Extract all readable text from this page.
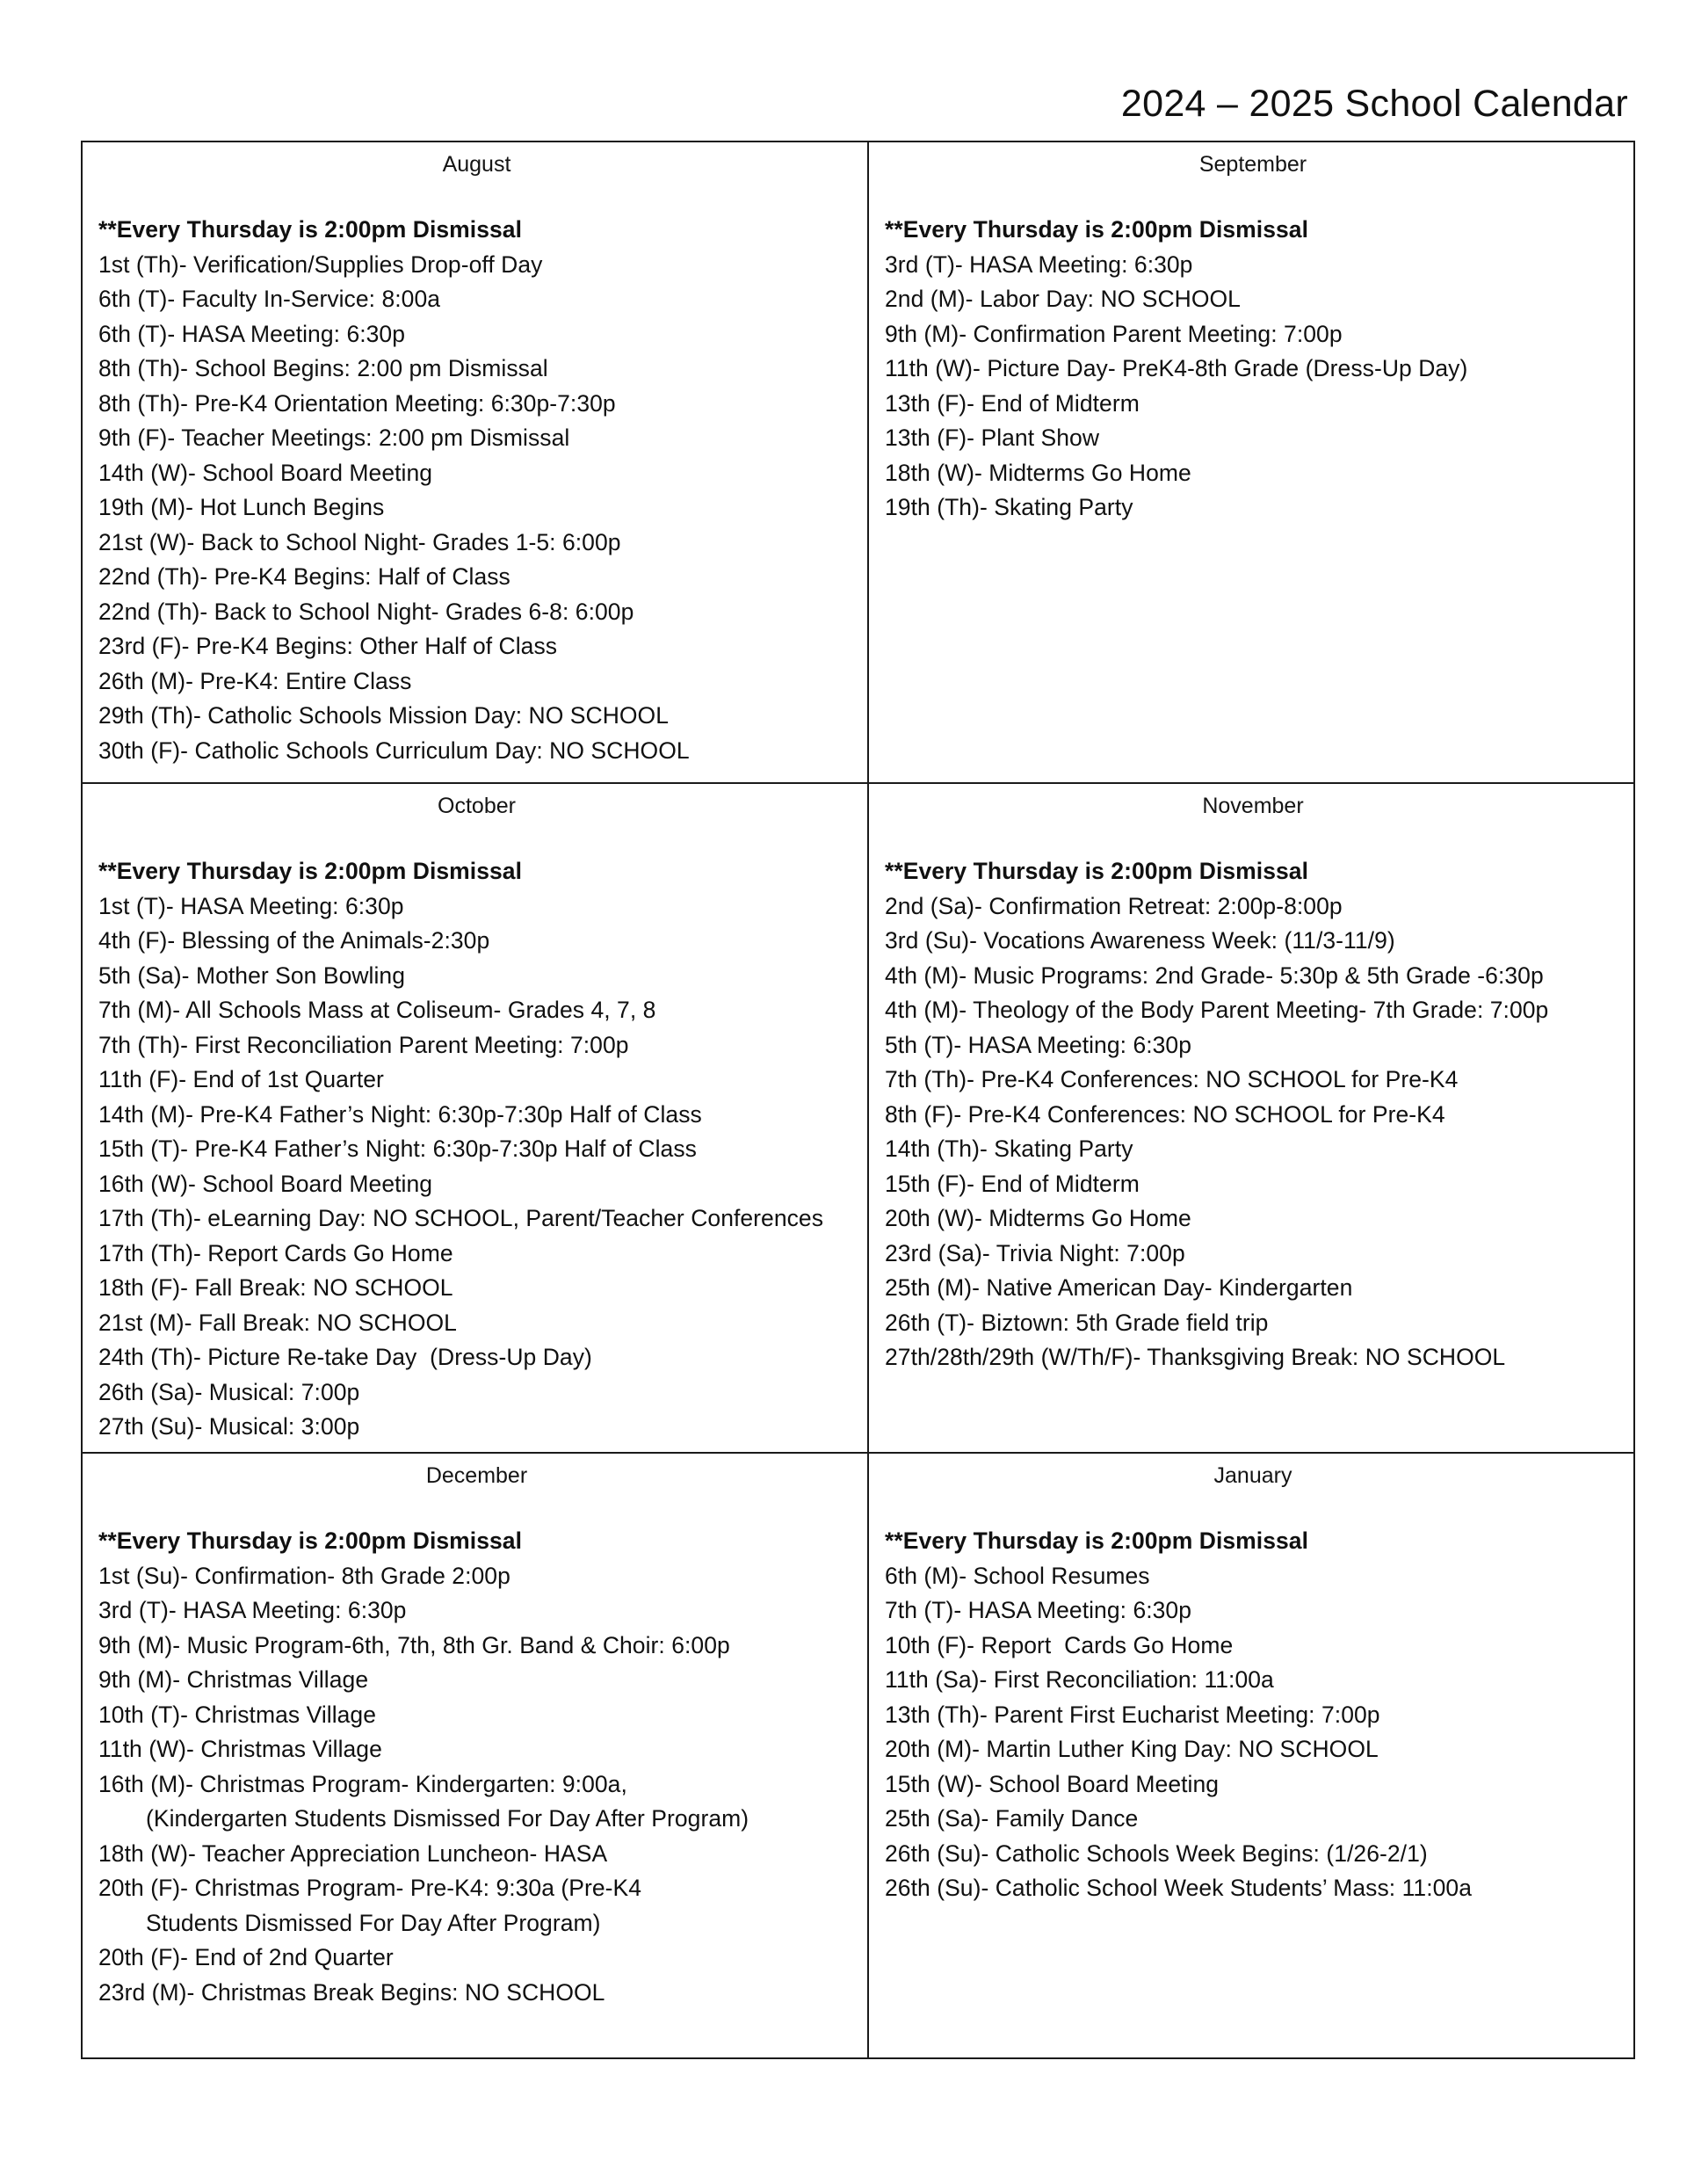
2024 – 2025 School Calendar
August
**Every Thursday is 2:00pm Dismissal
1st (Th)- Verification/Supplies Drop-off Day
6th (T)- Faculty In-Service: 8:00a
6th (T)- HASA Meeting: 6:30p
8th (Th)- School Begins: 2:00 pm Dismissal
8th (Th)- Pre-K4 Orientation Meeting: 6:30p-7:30p
9th (F)- Teacher Meetings: 2:00 pm Dismissal
14th (W)- School Board Meeting
19th (M)- Hot Lunch Begins
21st (W)- Back to School Night- Grades 1-5: 6:00p
22nd (Th)- Pre-K4 Begins: Half of Class
22nd (Th)- Back to School Night- Grades 6-8: 6:00p
23rd (F)- Pre-K4 Begins: Other Half of Class
26th (M)- Pre-K4: Entire Class
29th (Th)- Catholic Schools Mission Day: NO SCHOOL
30th (F)- Catholic Schools Curriculum Day: NO SCHOOL

September
**Every Thursday is 2:00pm Dismissal
3rd (T)- HASA Meeting: 6:30p
2nd (M)- Labor Day: NO SCHOOL
9th (M)- Confirmation Parent Meeting: 7:00p
11th (W)- Picture Day- PreK4-8th Grade (Dress-Up Day)
13th (F)- End of Midterm
13th (F)- Plant Show
18th (W)- Midterms Go Home
19th (Th)- Skating Party

October
**Every Thursday is 2:00pm Dismissal
1st (T)- HASA Meeting: 6:30p
4th (F)- Blessing of the Animals-2:30p
5th (Sa)- Mother Son Bowling
7th (M)- All Schools Mass at Coliseum- Grades 4, 7, 8
7th (Th)- First Reconciliation Parent Meeting: 7:00p
11th (F)- End of 1st Quarter
14th (M)- Pre-K4 Father’s Night: 6:30p-7:30p Half of Class
15th (T)- Pre-K4 Father’s Night: 6:30p-7:30p Half of Class
16th (W)- School Board Meeting
17th (Th)- eLearning Day: NO SCHOOL, Parent/Teacher Conferences
17th (Th)- Report Cards Go Home
18th (F)- Fall Break: NO SCHOOL
21st (M)- Fall Break: NO SCHOOL
24th (Th)- Picture Re-take Day  (Dress-Up Day)
26th (Sa)- Musical: 7:00p
27th (Su)- Musical: 3:00p

November
**Every Thursday is 2:00pm Dismissal
2nd (Sa)- Confirmation Retreat: 2:00p-8:00p
3rd (Su)- Vocations Awareness Week: (11/3-11/9)
4th (M)- Music Programs: 2nd Grade- 5:30p & 5th Grade -6:30p
4th (M)- Theology of the Body Parent Meeting- 7th Grade: 7:00p
5th (T)- HASA Meeting: 6:30p
7th (Th)- Pre-K4 Conferences: NO SCHOOL for Pre-K4
8th (F)- Pre-K4 Conferences: NO SCHOOL for Pre-K4
14th (Th)- Skating Party
15th (F)- End of Midterm
20th (W)- Midterms Go Home
23rd (Sa)- Trivia Night: 7:00p
25th (M)- Native American Day- Kindergarten
26th (T)- Biztown: 5th Grade field trip
27th/28th/29th (W/Th/F)- Thanksgiving Break: NO SCHOOL

December
**Every Thursday is 2:00pm Dismissal
1st (Su)- Confirmation- 8th Grade 2:00p
3rd (T)- HASA Meeting: 6:30p
9th (M)- Music Program-6th, 7th, 8th Gr. Band & Choir: 6:00p
9th (M)- Christmas Village
10th (T)- Christmas Village
11th (W)- Christmas Village
16th (M)- Christmas Program- Kindergarten: 9:00a,
(Kindergarten Students Dismissed For Day After Program)
18th (W)- Teacher Appreciation Luncheon- HASA
20th (F)- Christmas Program- Pre-K4: 9:30a (Pre-K4
Students Dismissed For Day After Program)
20th (F)- End of 2nd Quarter
23rd (M)- Christmas Break Begins: NO SCHOOL

January
**Every Thursday is 2:00pm Dismissal
6th (M)- School Resumes
7th (T)- HASA Meeting: 6:30p
10th (F)- Report  Cards Go Home
11th (Sa)- First Reconciliation: 11:00a
13th (Th)- Parent First Eucharist Meeting: 7:00p
20th (M)- Martin Luther King Day: NO SCHOOL
15th (W)- School Board Meeting
25th (Sa)- Family Dance
26th (Su)- Catholic Schools Week Begins: (1/26-2/1)
26th (Su)- Catholic School Week Students’ Mass: 11:00a
